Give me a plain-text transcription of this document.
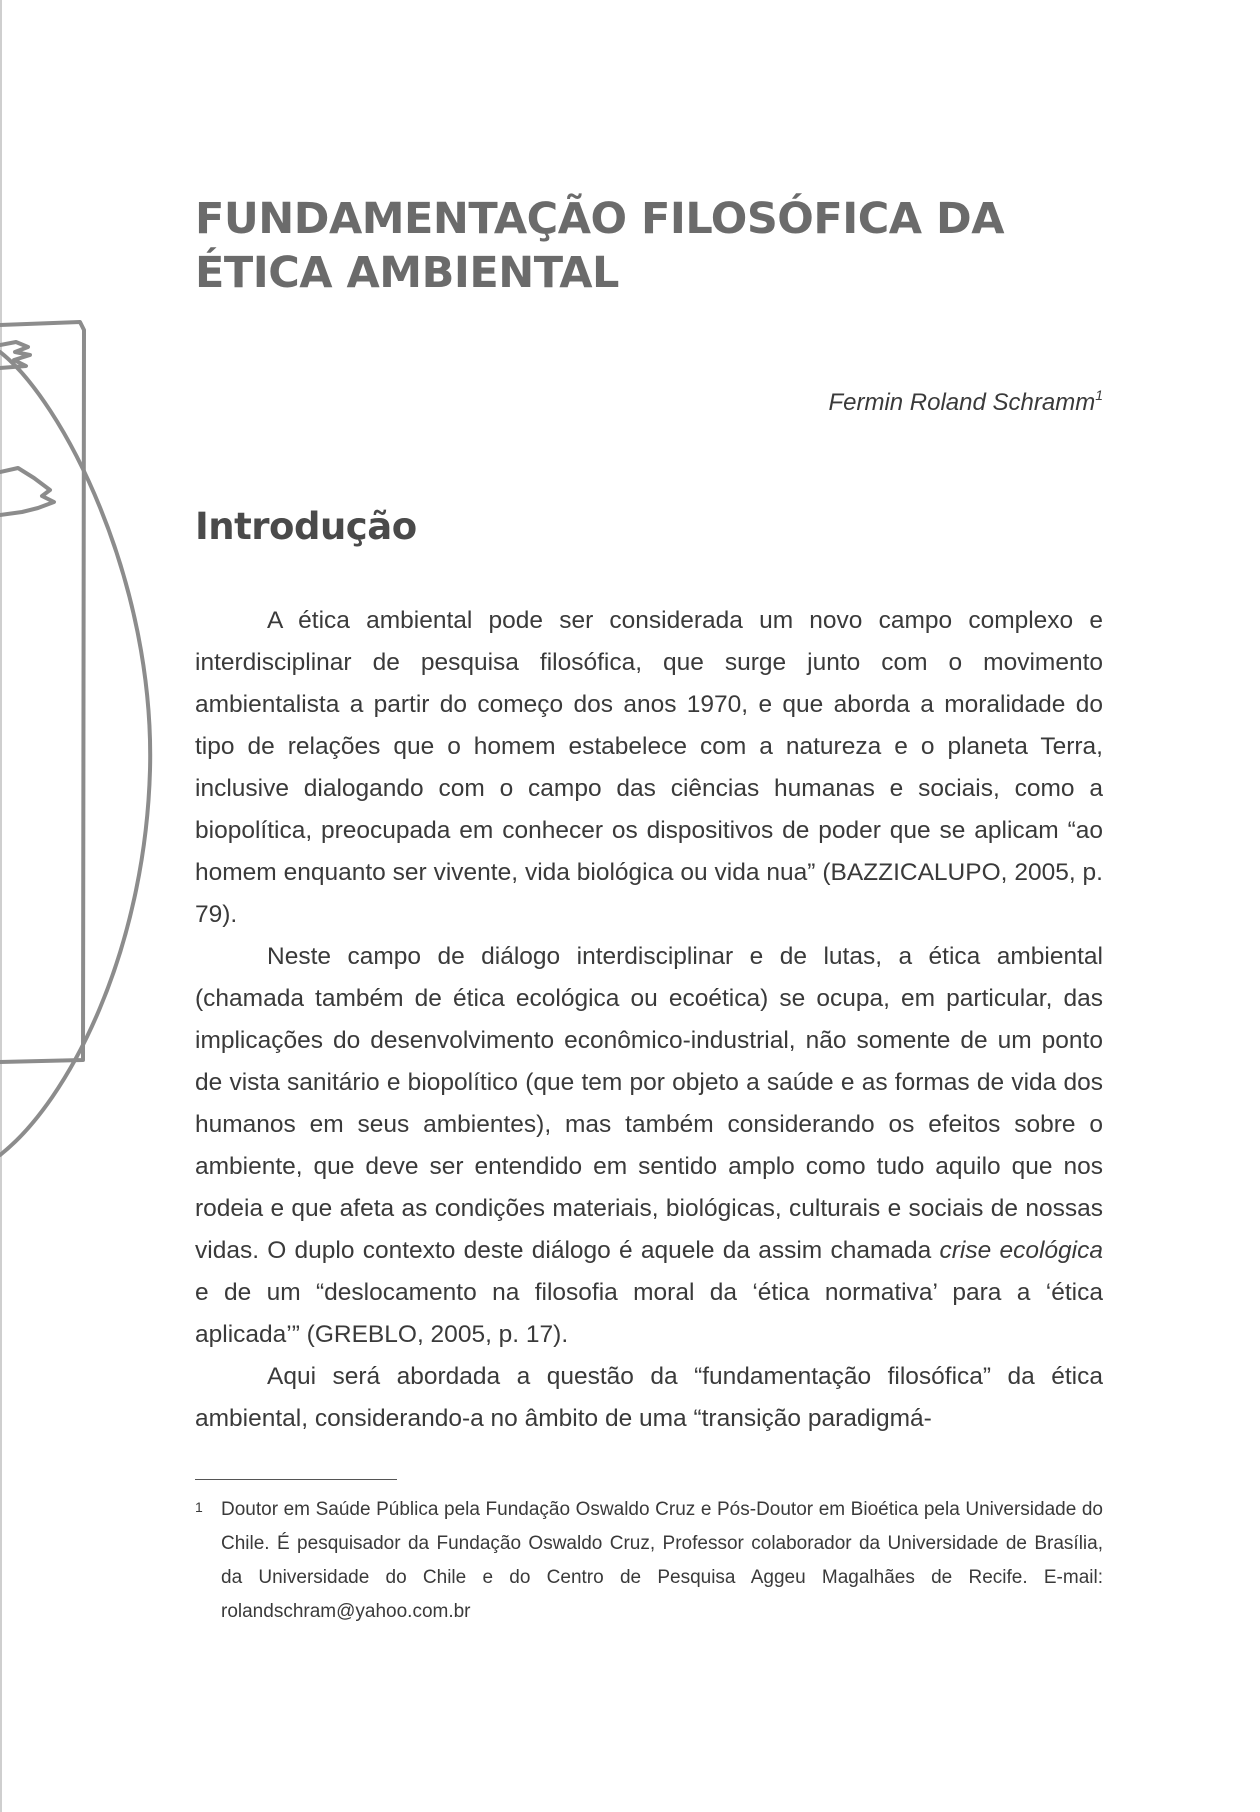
FUNDAMENTAÇÃO FILOSÓFICA DA ÉTICA AMBIENTAL
Fermin Roland Schramm$^1$
Introdução

A ética ambiental pode ser considerada um novo campo complexo e interdisciplinar de pesquisa filosófica, que surge junto com o movimento ambientalista a partir do começo dos anos 1970, e que aborda a moralidade do tipo de relações que o homem estabelece com a natureza e o planeta Terra, inclusive dialogando com o campo das ciências humanas e sociais, como a biopolítica, preocupada em conhecer os dispositivos de poder que se aplicam “ao homem enquanto ser vivente, vida biológica ou vida nua” (BAZZICALUPO, 2005, p. 79).

Neste campo de diálogo interdisciplinar e de lutas, a ética ambiental (chamada também de ética ecológica ou ecoética) se ocupa, em particular, das implicações do desenvolvimento econômico-industrial, não somente de um ponto de vista sanitário e biopolítico (que tem por objeto a saúde e as formas de vida dos humanos em seus ambientes), mas também considerando os efeitos sobre o ambiente, que deve ser entendido em sentido amplo como tudo aquilo que nos rodeia e que afeta as condições materiais, biológicas, culturais e sociais de nossas vidas. O duplo contexto deste diálogo é aquele da assim chamada crise ecológica e de um “deslocamento na filosofia moral da ‘ética normativa’ para a ‘ética aplicada’” (GREBLO, 2005, p. 17).

Aqui será abordada a questão da “fundamentação filosófica” da ética ambiental, considerando-a no âmbito de uma “transição paradigmá-

1 Doutor em Saúde Pública pela Fundação Oswaldo Cruz e Pós-Doutor em Bioética pela Universidade do Chile. É pesquisador da Fundação Oswaldo Cruz, Professor colaborador da Universidade de Brasília, da Universidade do Chile e do Centro de Pesquisa Aggeu Magalhães de Recife. E-mail: rolandschram@yahoo.com.br
